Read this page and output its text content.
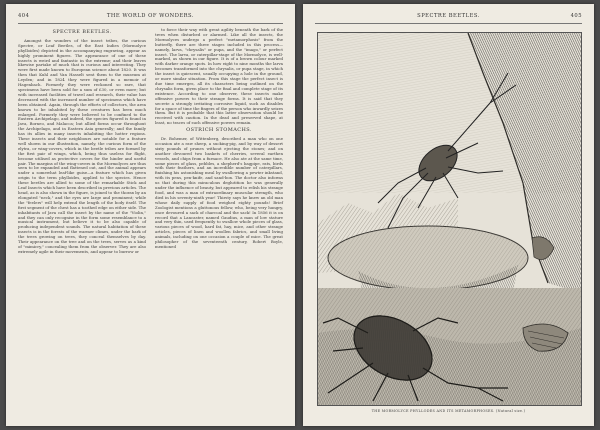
404	THE WORLD OF WONDERS.
SPECTRE BEETLES.

Amongst the wonders of the insect tribes, the curious Spectre, or Leaf Beetles, of the East Indies (Mormolyce phylloides) depicted in the accompanying engraving, appear as highly prominent figures. The appearance of one of these insects is weird and fantastic in the extreme; and their leaves likewise partake of much that is curious and interesting. They were first made known to European science about 1820. It was then that Kuhl and Van Hasselt sent them to the museum at Leyden; and in 1824 they were figured in a memoir of Hagenbach. Formerly they were reckoned so rare, that specimens have been sold for a sum of £30, or even more; but with increased facilities of travel and research, their value has decreased with the increased number of specimens which have been obtained. Again, through the efforts of collectors, the area known to be inhabited by these creatures has been much enlarged. Formerly they were believed to be confined to the Eastern Archipelago, and indeed, the species figured is found in Java, Borneo, and Malacca; but allied forms occur throughout the Archipelago, and in Eastern Asia generally; and the family has its allies in many insects inhabiting the hotter regions. These insects and their neighbours are notable for a feature well shown in our illustration, namely, the curious form of the elytra, or wing-covers, which in the beetle tribes are formed by the first pair of wings, which, being thus useless for flight, become utilised as protective covers for the hinder and useful pair. The margins of the wing-covers in the Mormolyces are thus seen to be expanded and flattened out, and the animal appears under a somewhat leaf-like guise—a feature which has given origin to the term phylloides, applied to the species. Hence these beetles are allied to some of the remarkable Stick and Leaf Insects which have been described in previous articles. The head, as is also shown in the figure, is joined to the thorax by an elongated "neck," and the eyes are large and prominent; while the "feelers" will help extend the length of the body itself. The first segment of the chest has a toothed edge on either side. The inhabitants of Java call the insect by the name of the "Violin," and they can only recognise in the form some resemblance to a musical instrument, but believe it to be also capable of producing independent sounds. The natural habitation of these insects is in the forests of the warmer climes, under the bark of the trees growing on trees, they conceal themselves by day. Their appearance on the tree and on the trees, serves as a kind of "mimicry," concealing them from the observer. They are also extremely agile in their movements, and appear to burrow or

to force their way with great agility beneath the bark of the trees when disturbed or alarmed. Like all the insects, the Mormolyces undergo a perfect "metamorphosis" from the butterfly, there are three stages included in this process—namely, larva, "chrysalis" or pupa, and the "imago," or perfect insect. The larva, or caterpillar-stage of the Mormolyce, is well-marked, as shown in our figure. It is of a brown colour marked with darker orange spots. In how eight to nine months the larva becomes transformed into the chrysalis, or pupa stage, in which the insect is quiescent, usually occupying a hole in the ground, or more similar situation. From this stage the perfect insect is due time emerges, all its characters being outlined on the chrysalis form, given place to the final and complete stage of its existence. According to one observer, these insects make offensive powers to their strange forms. It is said that they secrete a strongly irritating corrosive liquid, such as disables for a space of time the fingers of the person who inwardly seizes them. But it is probable that this latter observation should be received with caution. In the dead and preserved shape, at least, no traces of such offensive powers remain.

OSTRICH STOMACHS.

Dr. Bohemer, of Wittenberg, described a man who on one occasion ate a raw sheep, a sucking-pig, and by way of dessert sixty pounds of prunes without ejecting the stones; and on another devoured two baskets of cherries, several earthen vessels, and chips from a furnace. He also ate at the same time, some pieces of glass, pebbles, a shepherd's bagpipe, rats, birds with their feathers, and an incredible number of caterpillars, finishing his astonishing meal by swallowing a pewter inkstand, with its pens, pen-knife, and sand-box. The doctor also informs us that during this miraculous deglutition he was generally under the influence of beauty, but appeared to relish his strange food, and was a man of extraordinary muscular strength, who died in his seventy-ninth year! Thirsty says he knew an old man whose daily supply of food weighed eighty pounds! Brief Zoologist mentions a gluttonous fellow, who, being very hungry, once devoured a sack of charcoal and the sack! In 1856 it is on record that a Lancaster, named Gaudius, a man of low stature and very thin, used frequently to swallow whole pieces of glass, various pieces of wood, hard fat, hay, mice, and other strange articles, pieces of linen and woollen fabrics, and small living animals, including on one occasion a couple of mice. The great philosopher of the seventeenth century, Robert Boyle, mentioned

SPECTRE BEETLES.	405
THE MORMOLYCE PHYLLODES AND ITS METAMORPHOSES. (Natural size.)
